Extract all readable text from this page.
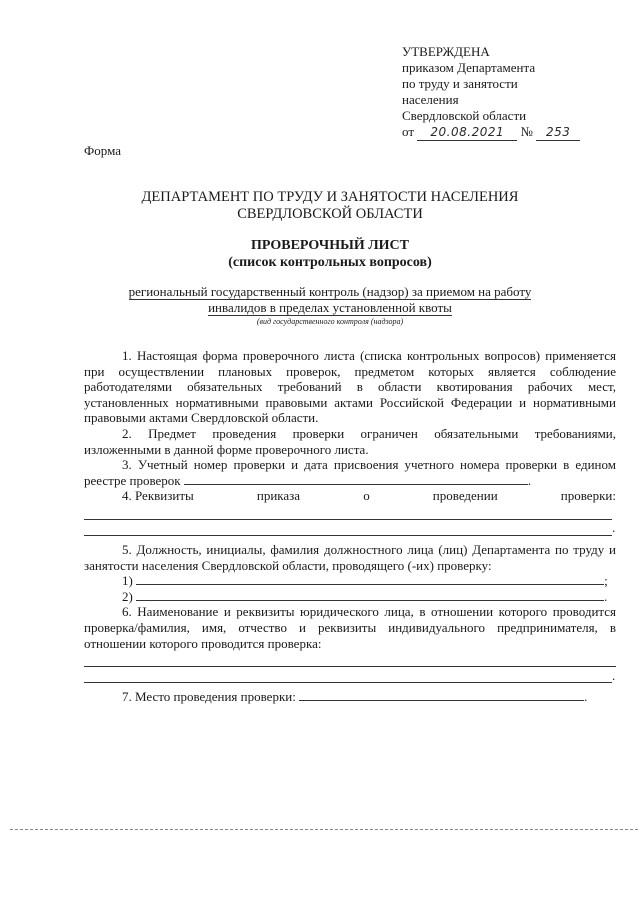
УТВЕРЖДЕНА
приказом Департамента
по труду и занятости
населения
Свердловской области
от 20.08.2021 № 253
Форма
ДЕПАРТАМЕНТ ПО ТРУДУ И ЗАНЯТОСТИ НАСЕЛЕНИЯ
СВЕРДЛОВСКОЙ ОБЛАСТИ
ПРОВЕРОЧНЫЙ ЛИСТ
(список контрольных вопросов)
региональный государственный контроль (надзор) за приемом на работу
инвалидов в пределах установленной квоты
(вид государственного контроля (надзора)

1. Настоящая форма проверочного листа (списка контрольных вопросов) применяется при осуществлении плановых проверок, предметом которых является соблюдение работодателями обязательных требований в области квотирования рабочих мест, установленных нормативными правовыми актами Российской Федерации и нормативными правовыми актами Свердловской области.

2. Предмет проведения проверки ограничен обязательными требованиями, изложенными в данной форме проверочного листа.

3. Учетный номер проверки и дата присвоения учетного номера проверки в едином реестре проверок	.

4. Реквизиты	приказа	о	проведении	проверки:
.

5. Должность, инициалы, фамилия должностного лица (лиц) Департамента по труду и занятости населения Свердловской области, проводящего (-их) проверку:

1)	;
2)	.

6. Наименование и реквизиты юридического лица, в отношении которого проводится проверка/фамилия, имя, отчество и реквизиты индивидуального предпринимателя, в отношении которого проводится проверка:

.

7. Место проведения проверки:	.
